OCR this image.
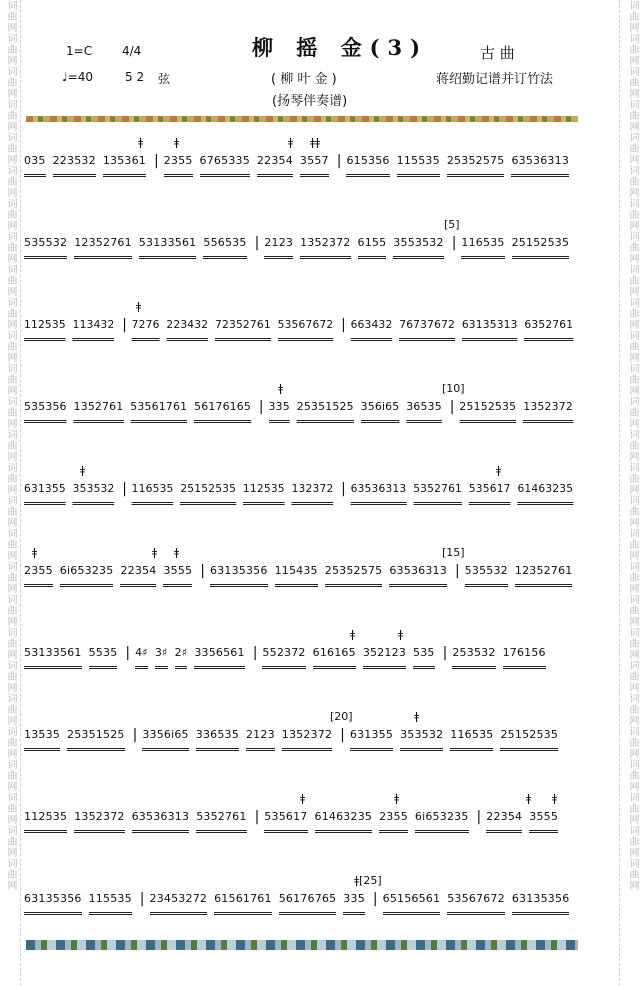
词曲网词曲网词曲网词曲网词曲网词曲网词曲网词曲网词曲网词曲网词曲网词曲网词曲网词曲网词曲网词曲网词曲网词曲网词曲网词曲网词曲网词曲网词曲网词曲网词曲网词曲网词曲网	词曲网词曲网词曲网词曲网词曲网词曲网词曲网词曲网词曲网词曲网词曲网词曲网词曲网词曲网词曲网词曲网词曲网词曲网词曲网词曲网词曲网词曲网词曲网词曲网词曲网词曲网词曲网
1=C 4/4
♩=40	5 2 弦
柳 摇 金(3)
( 柳 叶 金 )
(扬琴伴奏谱)
古 曲
蒋绍勤记谱并订竹法
ǂ	ǂ	ǂ ǂǂ
035 223532 135361 | 2355 6765335 22354 3557 | 615356 115535 25352575 63536313
[5]
535532 12352761 53133561 556535 | 2123 1352372 6155 3553532 | 116535 25152535
ǂ
112535 113432 | 7276 223432 72352761 53567672 | 663432 76737672 63135313 6352761
ǂ	[10]
535356 1352761 53561761 56176165 | 335 25351525 356i65 36535 | 25152535 1352372
ǂ	ǂ
631355 353532 | 116535 25152535 112535 132372 | 63536313 5352761 535617 61463235
ǂ	ǂ ǂ	[15]
2355 6i653235 22354 3555 | 63135356 115435 25352575 63536313 | 535532 12352761
ǂ	ǂ
53133561 5535 | 4♯ 3♯ 2♯ 3356561 | 552372 616165 352123 535 | 253532 176156
[20]	ǂ
13535 25351525 | 3356i65 336535 2123 1352372 | 631355 353532 116535 25152535
ǂ	ǂ	ǂ ǂ
112535 1352372 63536313 5352761 | 535617 61463235 2355 6i653235 | 22354 3555
ǂ[25]
63135356 115535 | 23453272 61561761 56176765 335 | 65156561 53567672 63135356
